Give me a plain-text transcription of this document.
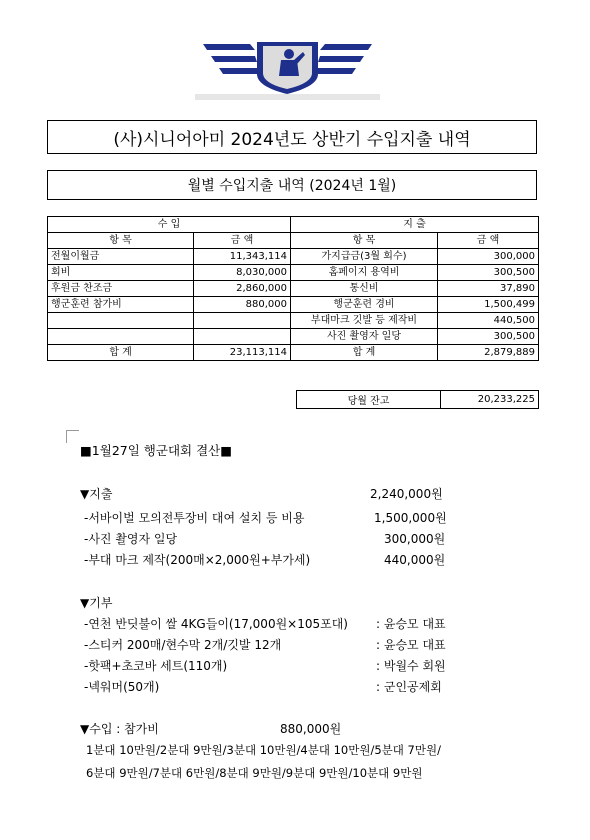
(사)시니어아미 2024년도 상반기 수입지출 내역
월별 수입지출 내역 (2024년 1월)
수 입		지 출	
항 목	금 액	항 목	금 액
전월이월금	11,343,114	가지급금(3월 회수)	300,000
회비	8,030,000	홈페이지 용역비	300,500
후원금 찬조금	2,860,000	통신비	37,890
행군훈련 참가비	880,000	행군훈련 경비	1,500,499
		부대마크 깃발 등 제작비	440,500
		사진 촬영자 일당	300,500
합 계	23,113,114	합 계	2,879,889
당월 잔고	20,233,225
■1월27일 행군대회 결산■
▼지출	2,240,000원
-서바이벌 모의전투장비 대여 설치 등 비용	1,500,000원
-사진 촬영자 일당	300,000원
-부대 마크 제작(200매×2,000원+부가세)	440,000원
▼기부
-연천 반딧불이 쌀 4KG들이(17,000원×105포대) : 윤승모 대표
-스티커 200매/현수막 2개/깃발 12개	: 윤승모 대표
-핫팩+초코바 세트(110개)	: 박월수 회원
-넥워머(50개)	: 군인공제회
▼수입 : 참가비	880,000원
1분대 10만원/2분대 9만원/3분대 10만원/4분대 10만원/5분대 7만원/
6분대 9만원/7분대 6만원/8분대 9만원/9분대 9만원/10분대 9만원
